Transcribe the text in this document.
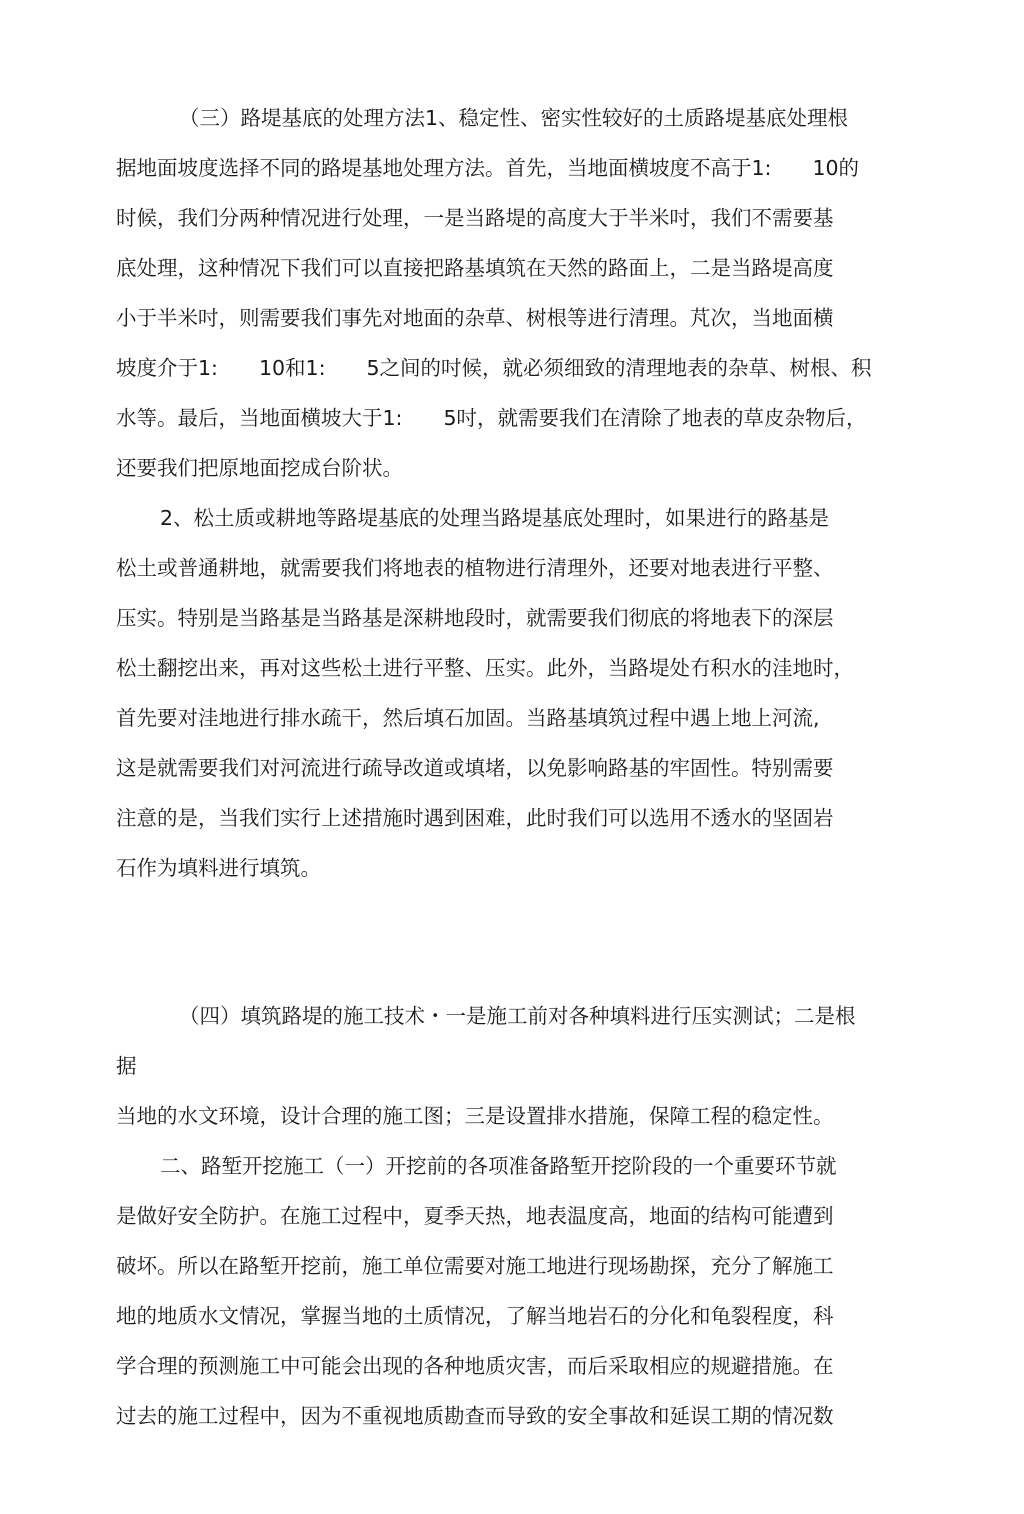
（三）路堤基底的处理方法1、稳定性、密实性较好的土质路堤基底处理根
据地面坡度选择不同的路堤基地处理方法。首先，当地面横坡度不高于1:　　10的
时候，我们分两种情况进行处理，一是当路堤的高度大于半米吋，我们不需要基
底处理，这种情况下我们可以直接把路基填筑在天然的路面上，二是当路堤高度
小于半米吋，则需要我们事先对地面的杂草、树根等进行清理。芃次，当地面横
坡度介于1:　　10和1:　　5之间的吋候，就必须细致的清理地表的杂草、树根、积
水等。最后，当地面横坡大于1:　　5吋，就需要我们在清除了地表的草皮杂物后，
还要我们把原地面挖成台阶状。
2、松土质或耕地等路堤基底的处理当路堤基底处理时，如果进行的路基是
松土或普通耕地，就需要我们将地表的植物进行清理外，还要对地表进行平整、
压实。特别是当路基是当路基是深耕地段时，就需要我们彻底的将地表下的深层
松土翻挖出来，再对这些松土进行平整、压实。此外，当路堤处冇积水的洼地时，
首先要对洼地进行排水疏干，然后填石加固。当路基填筑过程中遇上地上河流,
这是就需要我们对河流进行疏导改道或填堵，以免影响路基的牢固性。特别需要
注意的是，当我们实行上述措施时遇到困难，此时我们可以选用不透水的坚固岩
石作为填料进行填筑。
（四）填筑路堤的施工技术・一是施工前对各种填料进行压实测试；二是根
据
当地的水文环境，设计合理的施工图；三是设置排水措施，保障工程的稳定性。
二、路堑开挖施工（一）开挖前的各项准备路堑开挖阶段的一个重要环节就
是做好安全防护。在施工过程中，夏季天热，地表温度高，地面的结构可能遭到
破坏。所以在路堑开挖前，施工单位需要对施工地进行现场勘探，充分了解施工
地的地质水文情况，掌握当地的土质情况，了解当地岩石的分化和龟裂程度，科
学合理的预测施工中可能会出现的各种地质灾害，而后采取相应的规避措施。在
过去的施工过程中，因为不重视地质勘查而导致的安全事故和延误工期的情况数
